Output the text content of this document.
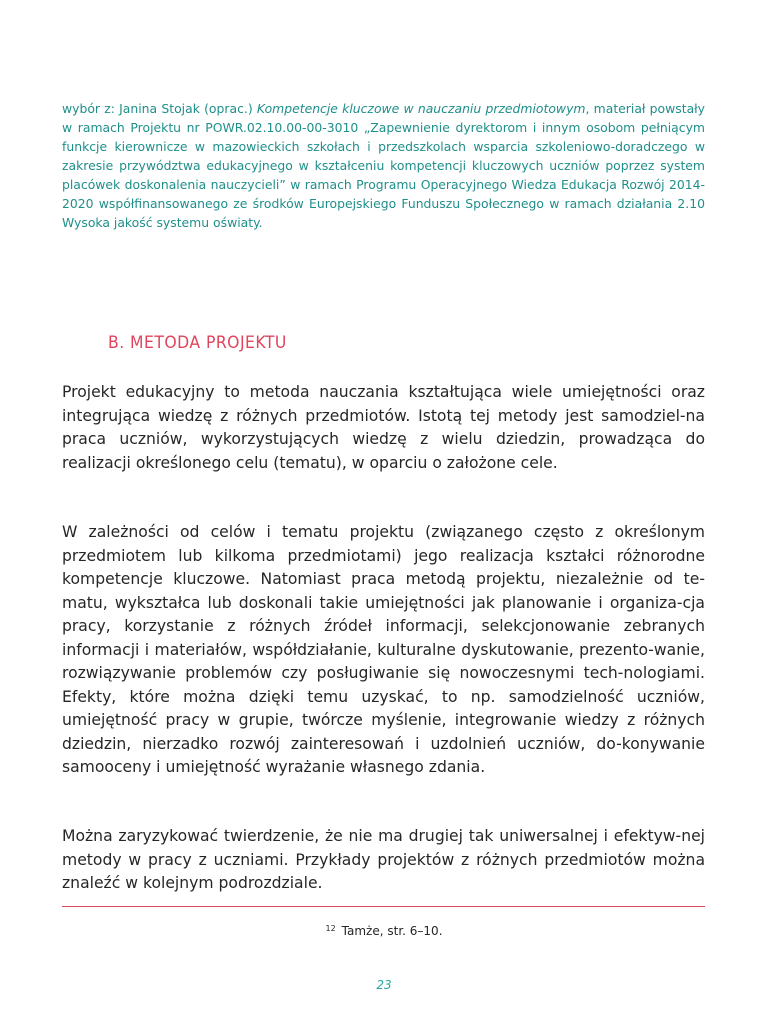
wybór z: Janina Stojak (oprac.) Kompetencje kluczowe w nauczaniu przedmiotowym, materiał powstały w ramach Projektu nr POWR.02.10.00-00-3010 „Zapewnienie dyrektorom i innym osobom pełniącym funkcje kierownicze w mazowieckich szkołach i przedszkolach wsparcia szkoleniowo-doradczego w zakresie przywództwa edukacyjnego w kształceniu kompetencji kluczowych uczniów poprzez system placówek doskonalenia nauczycieli” w ramach Programu Operacyjnego Wiedza Edukacja Rozwój 2014-2020 współfinansowanego ze środków Europejskiego Funduszu Społecznego w ramach działania 2.10 Wysoka jakość systemu oświaty.
B. METODA PROJEKTU

Projekt edukacyjny to metoda nauczania kształtująca wiele umiejętności oraz integrująca wiedzę z różnych przedmiotów. Istotą tej metody jest samodziel-na praca uczniów, wykorzystujących wiedzę z wielu dziedzin, prowadząca do realizacji określonego celu (tematu), w oparciu o założone cele.

W zależności od celów i tematu projektu (związanego często z określonym przedmiotem lub kilkoma przedmiotami) jego realizacja kształci różnorodne kompetencje kluczowe. Natomiast praca metodą projektu, niezależnie od te-matu, wykształca lub doskonali takie umiejętności jak planowanie i organiza-cja pracy, korzystanie z różnych źródeł informacji, selekcjonowanie zebranych informacji i materiałów, współdziałanie, kulturalne dyskutowanie, prezento-wanie, rozwiązywanie problemów czy posługiwanie się nowoczesnymi tech-nologiami. Efekty, które można dzięki temu uzyskać, to np. samodzielność uczniów, umiejętność pracy w grupie, twórcze myślenie, integrowanie wiedzy z różnych dziedzin, nierzadko rozwój zainteresowań i uzdolnień uczniów, do-konywanie samooceny i umiejętność wyrażanie własnego zdania.

Można zaryzykować twierdzenie, że nie ma drugiej tak uniwersalnej i efektyw-nej metody w pracy z uczniami. Przykłady projektów z różnych przedmiotów można znaleźć w kolejnym podrozdziale.

$^{12}$ Tamże, str. 6–10.
23
